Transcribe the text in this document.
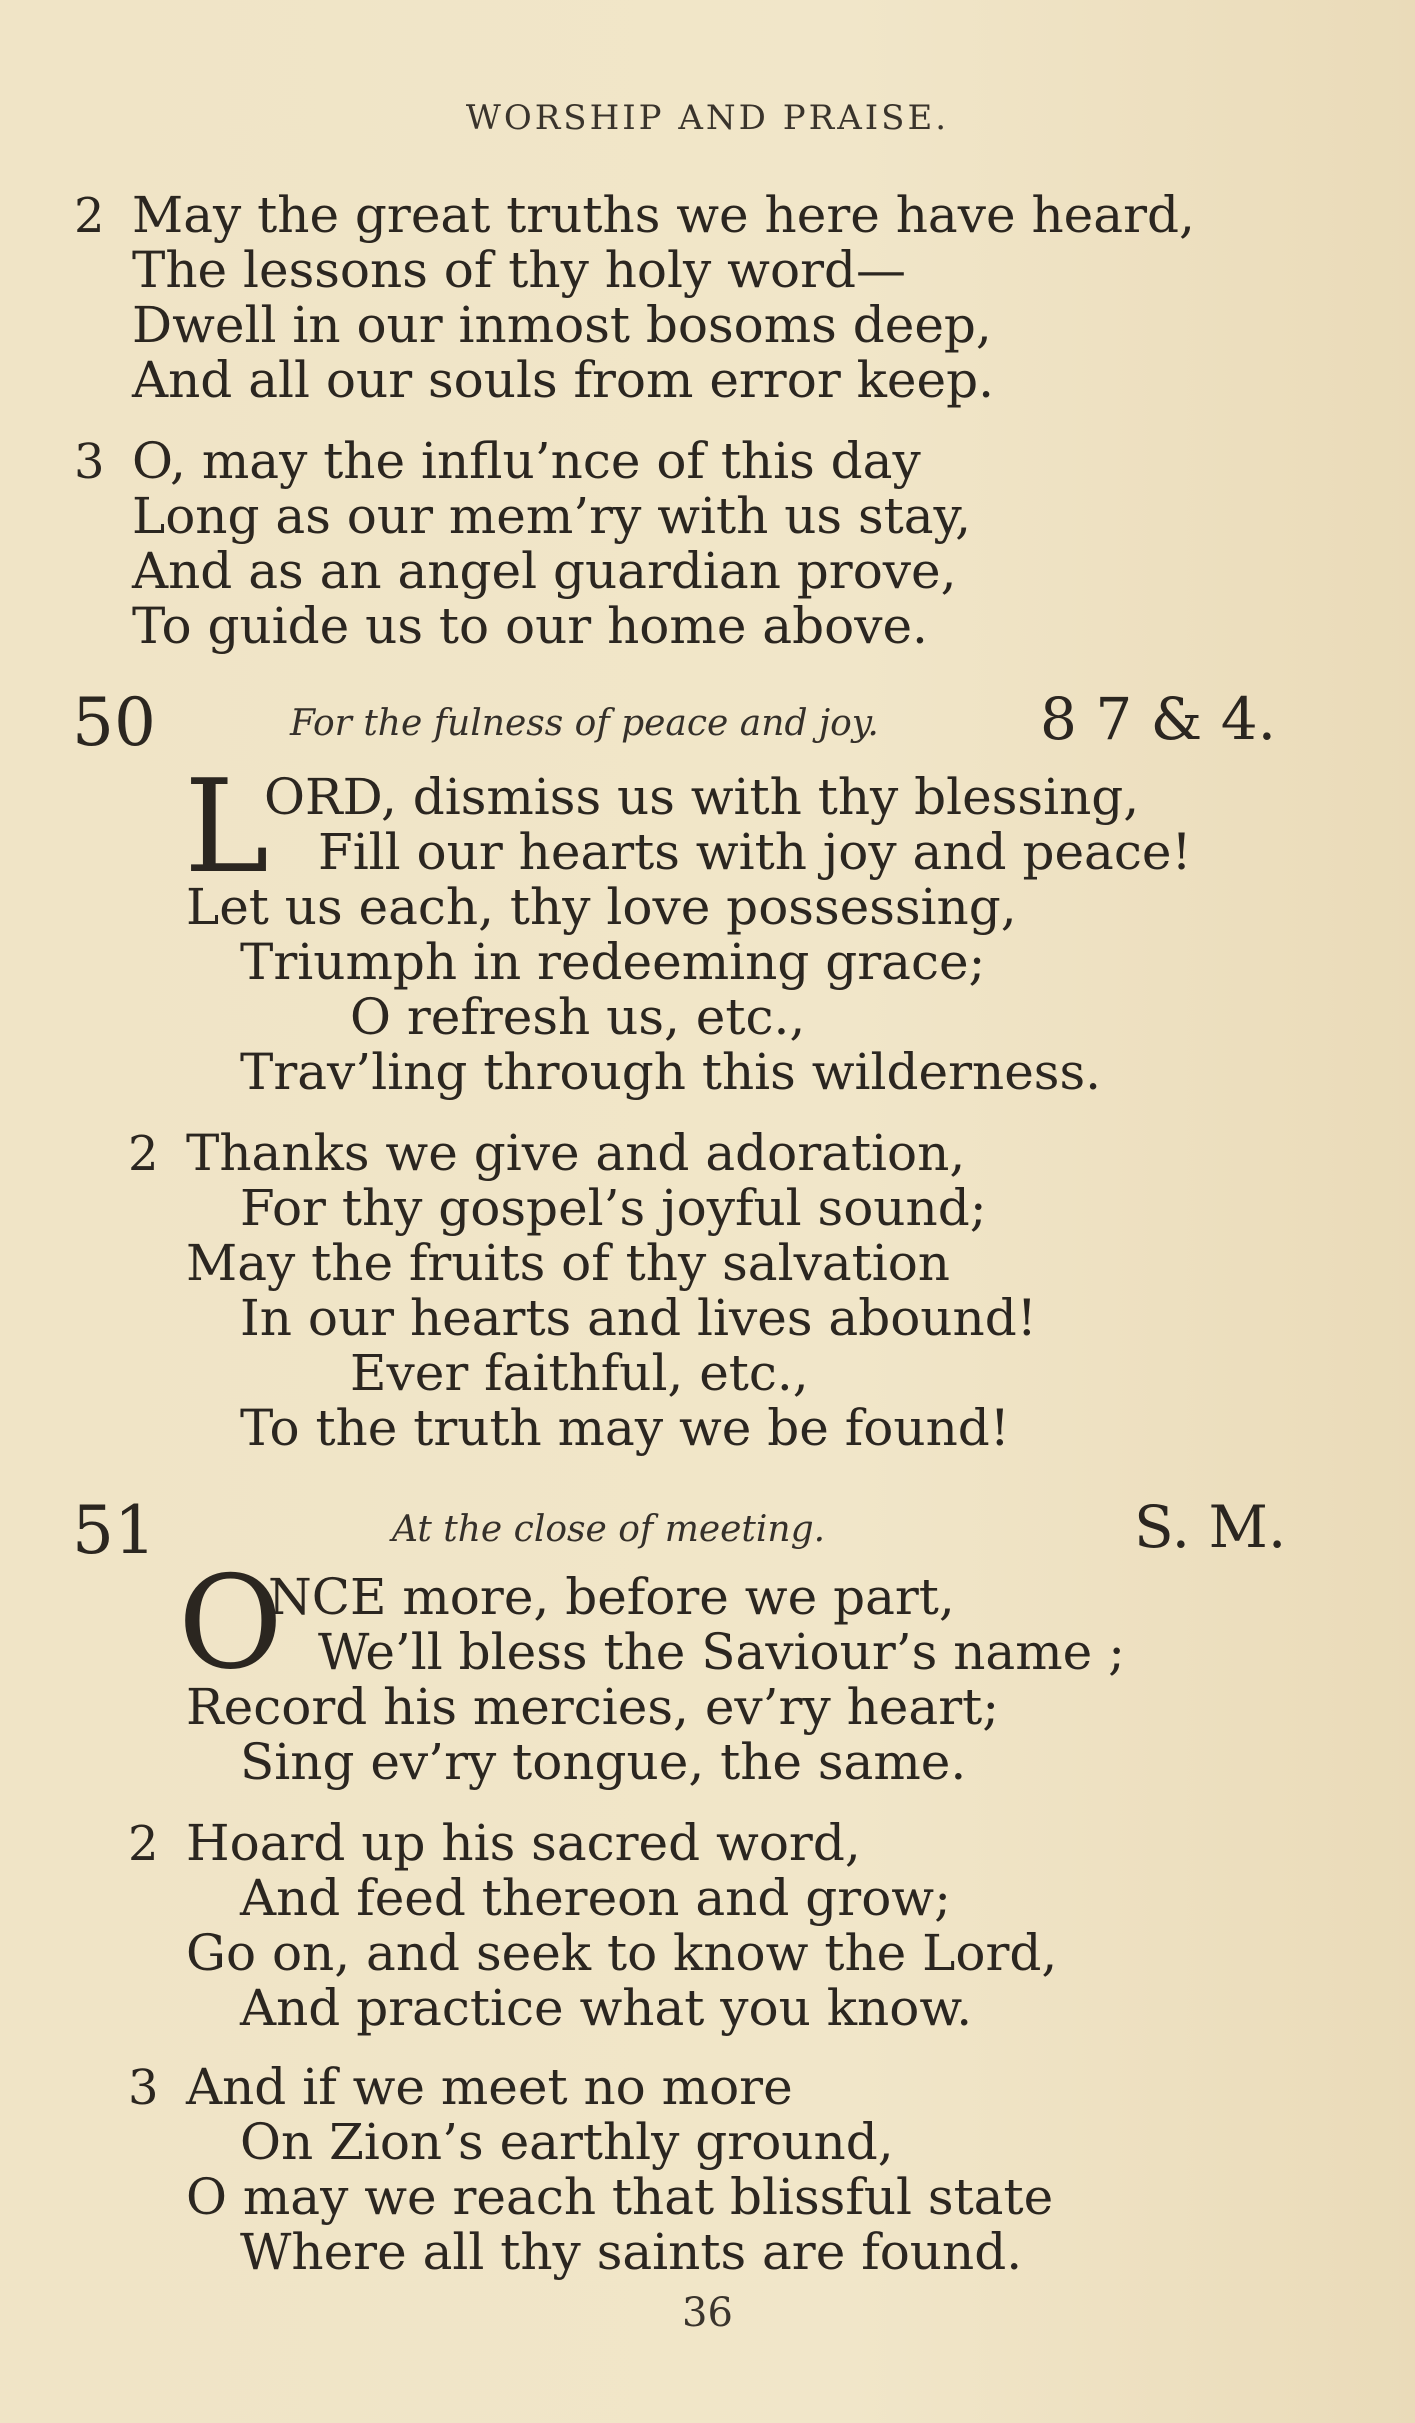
WORSHIP AND PRAISE.
2 May the great truths we here have heard,
The lessons of thy holy word—
Dwell in our inmost bosoms deep,
And all our souls from error keep.
3 O, may the influ’nce of this day
Long as our mem’ry with us stay,
And as an angel guardian prove,
To guide us to our home above.
50	For the fulness of peace and joy.	8 7 & 4.
L
ORD, dismiss us with thy blessing,
Fill our hearts with joy and peace!
Let us each, thy love possessing,
Triumph in redeeming grace;
O refresh us, etc.,
Trav’ling through this wilderness.
2 Thanks we give and adoration,
For thy gospel’s joyful sound;
May the fruits of thy salvation
In our hearts and lives abound!
Ever faithful, etc.,
To the truth may we be found!
51	At the close of meeting.	S. M.
O
NCE more, before we part,
We’ll bless the Saviour’s name ;
Record his mercies, ev’ry heart;
Sing ev’ry tongue, the same.
2 Hoard up his sacred word,
And feed thereon and grow;
Go on, and seek to know the Lord,
And practice what you know.
3 And if we meet no more
On Zion’s earthly ground,
O may we reach that blissful state
Where all thy saints are found.
36
